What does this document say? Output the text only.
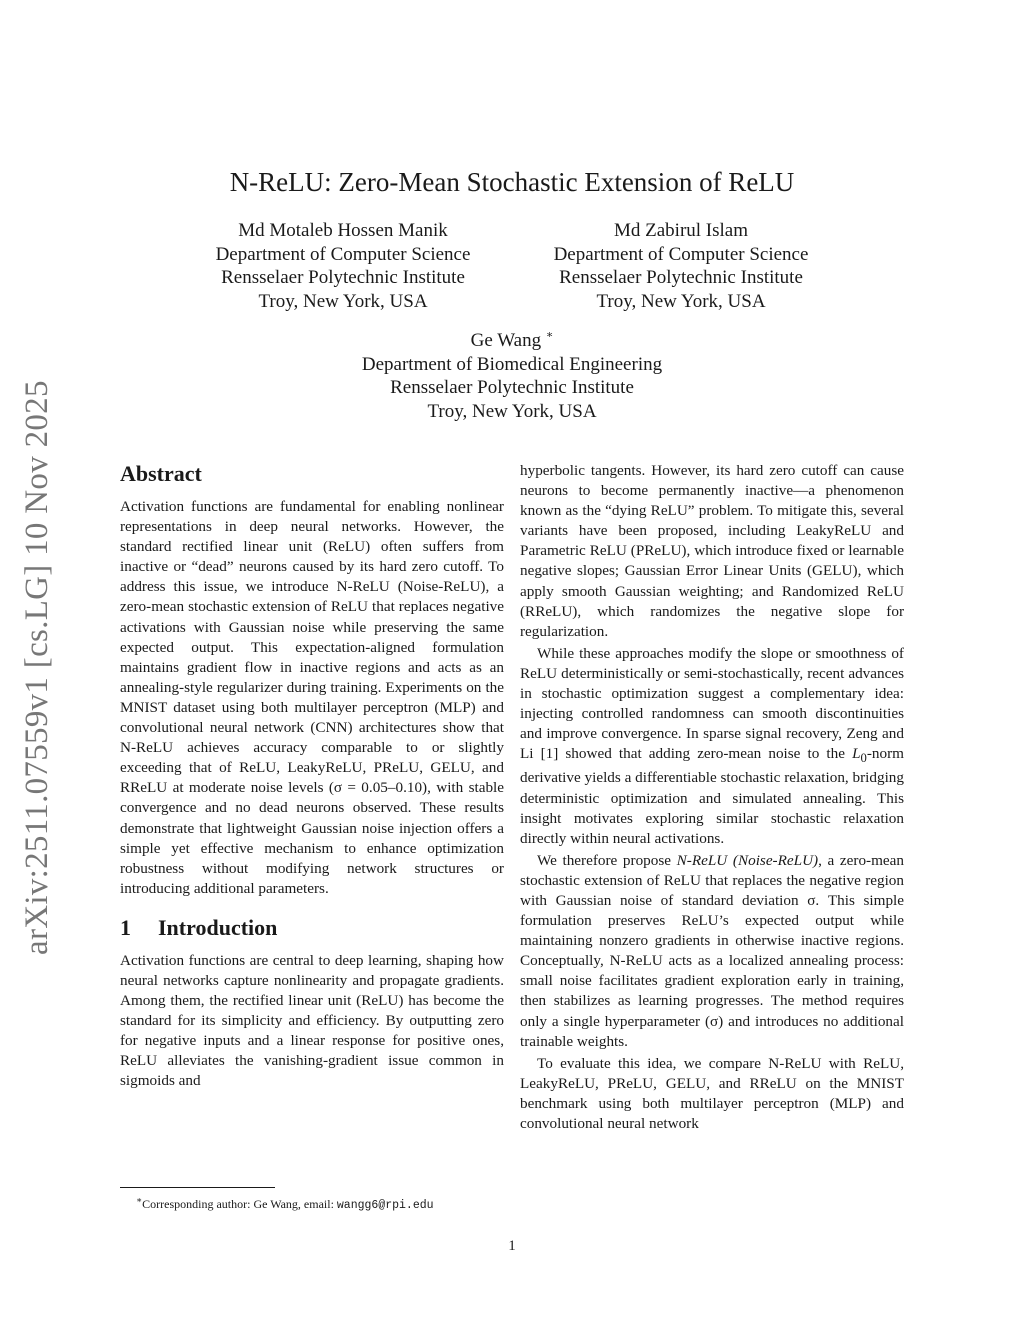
arXiv:2511.07559v1 [cs.LG] 10 Nov 2025
N-ReLU: Zero-Mean Stochastic Extension of ReLU
Md Motaleb Hossen Manik
Department of Computer Science
Rensselaer Polytechnic Institute
Troy, New York, USA
Md Zabirul Islam
Department of Computer Science
Rensselaer Polytechnic Institute
Troy, New York, USA
Ge Wang ∗
Department of Biomedical Engineering
Rensselaer Polytechnic Institute
Troy, New York, USA
Abstract

Activation functions are fundamental for enabling nonlinear representations in deep neural networks. However, the standard rectified linear unit (ReLU) often suffers from inactive or “dead” neurons caused by its hard zero cutoff. To address this issue, we introduce N-ReLU (Noise-ReLU), a zero-mean stochastic extension of ReLU that replaces negative activations with Gaussian noise while preserving the same expected output. This expectation-aligned formulation maintains gradient flow in inactive regions and acts as an annealing-style regularizer during training. Experiments on the MNIST dataset using both multilayer perceptron (MLP) and convolutional neural network (CNN) architectures show that N-ReLU achieves accuracy comparable to or slightly exceeding that of ReLU, LeakyReLU, PReLU, GELU, and RReLU at moderate noise levels (σ = 0.05–0.10), with stable convergence and no dead neurons observed. These results demonstrate that lightweight Gaussian noise injection offers a simple yet effective mechanism to enhance optimization robustness without modifying network structures or introducing additional parameters.

1 Introduction

Activation functions are central to deep learning, shaping how neural networks capture nonlinearity and propagate gradients. Among them, the rectified linear unit (ReLU) has become the standard for its simplicity and efficiency. By outputting zero for negative inputs and a linear response for positive ones, ReLU alleviates the vanishing-gradient issue common in sigmoids and

hyperbolic tangents. However, its hard zero cutoff can cause neurons to become permanently inactive—a phenomenon known as the “dying ReLU” problem. To mitigate this, several variants have been proposed, including LeakyReLU and Parametric ReLU (PReLU), which introduce fixed or learnable negative slopes; Gaussian Error Linear Units (GELU), which apply smooth Gaussian weighting; and Randomized ReLU (RReLU), which randomizes the negative slope for regularization.

While these approaches modify the slope or smoothness of ReLU deterministically or semi-stochastically, recent advances in stochastic optimization suggest a complementary idea: injecting controlled randomness can smooth discontinuities and improve convergence. In sparse signal recovery, Zeng and Li [1] showed that adding zero-mean noise to the $L_0$-norm derivative yields a differentiable stochastic relaxation, bridging deterministic optimization and simulated annealing. This insight motivates exploring similar stochastic relaxation directly within neural activations.

We therefore propose N-ReLU (Noise-ReLU), a zero-mean stochastic extension of ReLU that replaces the negative region with Gaussian noise of standard deviation σ. This simple formulation preserves ReLU’s expected output while maintaining nonzero gradients in otherwise inactive regions. Conceptually, N-ReLU acts as a localized annealing process: small noise facilitates gradient exploration early in training, then stabilizes as learning progresses. The method requires only a single hyperparameter (σ) and introduces no additional trainable weights.

To evaluate this idea, we compare N-ReLU with ReLU, LeakyReLU, PReLU, GELU, and RReLU on the MNIST benchmark using both multilayer perceptron (MLP) and convolutional neural network

∗Corresponding author: Ge Wang, email: wangg6@rpi.edu
1
